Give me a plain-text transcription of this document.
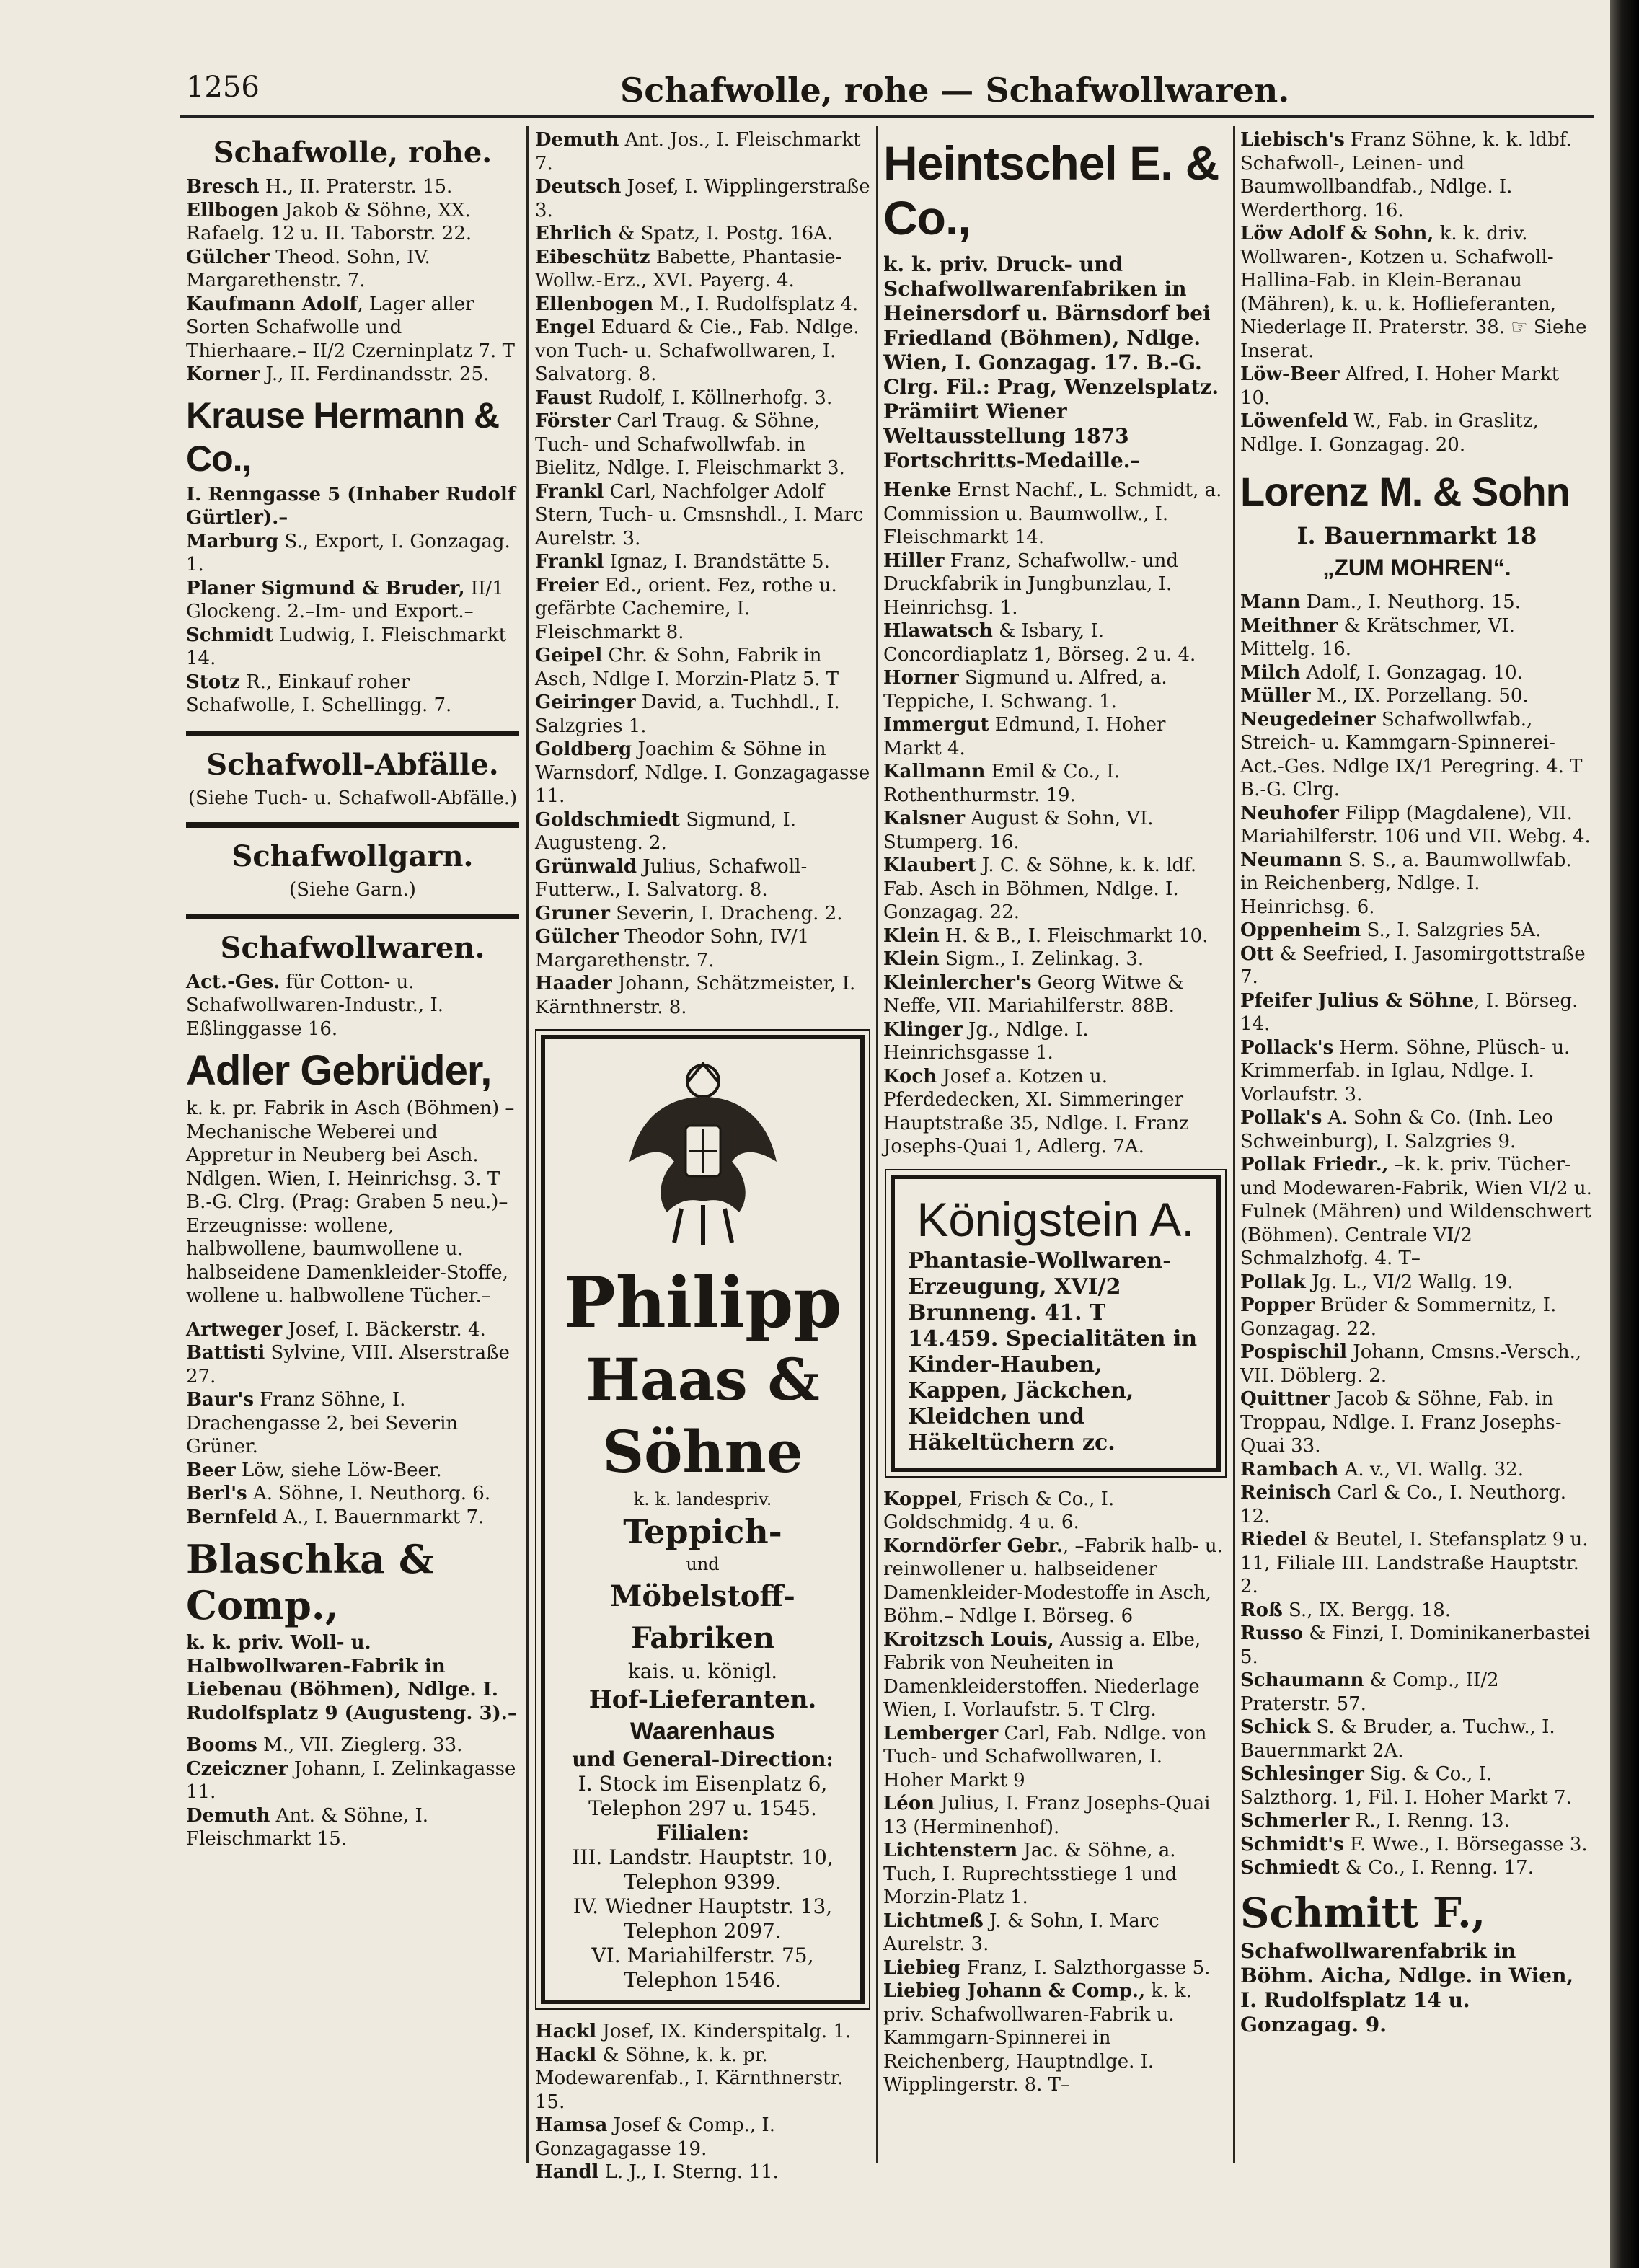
1256	Schafwolle, rohe — Schafwollwaren.
Schafwolle, rohe.

Bresch H., II. Praterstr. 15.

Ellbogen Jakob & Söhne, XX. Rafaelg. 12 u. II. Taborstr. 22.

Gülcher Theod. Sohn, IV. Margarethenstr. 7.

Kaufmann Adolf, Lager aller Sorten Schafwolle und Thierhaare.– II/2 Czerninplatz 7. T

Korner J., II. Ferdinandsstr. 25.

Krause Hermann & Co.,

I. Renngasse 5 (Inhaber Rudolf Gürtler).–

Marburg S., Export, I. Gonzagag. 1.

Planer Sigmund & Bruder, II/1 Glockeng. 2.–Im- und Export.–

Schmidt Ludwig, I. Fleischmarkt 14.

Stotz R., Einkauf roher Schafwolle, I. Schellingg. 7.

Schafwoll-Abfälle.
(Siehe Tuch- u. Schafwoll-Abfälle.)
Schafwollgarn.
(Siehe Garn.)
Schafwollwaren.

Act.-Ges. für Cotton- u. Schafwollwaren-Industr., I. Eßlinggasse 16.

Adler Gebrüder,

k. k. pr. Fabrik in Asch (Böhmen) –Mechanische Weberei und Appretur in Neuberg bei Asch. Ndlgen. Wien, I. Heinrichsg. 3. T B.-G. Clrg. (Prag: Graben 5 neu.)–Erzeugnisse: wollene, halbwollene, baumwollene u. halbseidene Damenkleider-Stoffe, wollene u. halbwollene Tücher.–

Artweger Josef, I. Bäckerstr. 4.

Battisti Sylvine, VIII. Alserstraße 27.

Baur's Franz Söhne, I. Drachengasse 2, bei Severin Grüner.

Beer Löw, siehe Löw-Beer.

Berl's A. Söhne, I. Neuthorg. 6.

Bernfeld A., I. Bauernmarkt 7.

Blaschka & Comp.,

k. k. priv. Woll- u. Halbwollwaren-Fabrik in Liebenau (Böhmen), Ndlge. I. Rudolfsplatz 9 (Augusteng. 3).–

Booms M., VII. Zieglerg. 33.

Czeiczner Johann, I. Zelinkagasse 11.

Demuth Ant. & Söhne, I. Fleischmarkt 15.

Demuth Ant. Jos., I. Fleischmarkt 7.

Deutsch Josef, I. Wipplingerstraße 3.

Ehrlich & Spatz, I. Postg. 16A.

Eibeschütz Babette, Phantasie-Wollw.-Erz., XVI. Payerg. 4.

Ellenbogen M., I. Rudolfsplatz 4.

Engel Eduard & Cie., Fab. Ndlge. von Tuch- u. Schafwollwaren, I. Salvatorg. 8.

Faust Rudolf, I. Köllnerhofg. 3.

Förster Carl Traug. & Söhne, Tuch- und Schafwollwfab. in Bielitz, Ndlge. I. Fleischmarkt 3.

Frankl Carl, Nachfolger Adolf Stern, Tuch- u. Cmsnshdl., I. Marc Aurelstr. 3.

Frankl Ignaz, I. Brandstätte 5.

Freier Ed., orient. Fez, rothe u. gefärbte Cachemire, I. Fleischmarkt 8.

Geipel Chr. & Sohn, Fabrik in Asch, Ndlge I. Morzin-Platz 5. T

Geiringer David, a. Tuchhdl., I. Salzgries 1.

Goldberg Joachim & Söhne in Warnsdorf, Ndlge. I. Gonzagagasse 11.

Goldschmiedt Sigmund, I. Augusteng. 2.

Grünwald Julius, Schafwoll-Futterw., I. Salvatorg. 8.

Gruner Severin, I. Dracheng. 2.

Gülcher Theodor Sohn, IV/1 Margarethenstr. 7.

Haader Johann, Schätzmeister, I. Kärnthnerstr. 8.

Philipp
Haas & Söhne
k. k. landespriv.
Teppich-
und
Möbelstoff-Fabriken
kais. u. königl.
Hof-Lieferanten.
Waarenhaus
und General-Direction:
I. Stock im Eisenplatz 6,
Telephon 297 u. 1545.
Filialen:
III. Landstr. Hauptstr. 10,
Telephon 9399.
IV. Wiedner Hauptstr. 13,
Telephon 2097.
VI. Mariahilferstr. 75,
Telephon 1546.

Hackl Josef, IX. Kinderspitalg. 1.

Hackl & Söhne, k. k. pr. Modewarenfab., I. Kärnthnerstr. 15.

Hamsa Josef & Comp., I. Gonzagagasse 19.

Handl L. J., I. Sterng. 11.

Heintschel E. & Co.,

k. k. priv. Druck- und Schafwollwarenfabriken in Heinersdorf u. Bärnsdorf bei Friedland (Böhmen), Ndlge. Wien, I. Gonzagag. 17. B.-G. Clrg. Fil.: Prag, Wenzelsplatz. Prämiirt Wiener Weltausstellung 1873 Fortschritts-Medaille.–

Henke Ernst Nachf., L. Schmidt, a. Commission u. Baumwollw., I. Fleischmarkt 14.

Hiller Franz, Schafwollw.- und Druckfabrik in Jungbunzlau, I. Heinrichsg. 1.

Hlawatsch & Isbary, I. Concordiaplatz 1, Börseg. 2 u. 4.

Horner Sigmund u. Alfred, a. Teppiche, I. Schwang. 1.

Immergut Edmund, I. Hoher Markt 4.

Kallmann Emil & Co., I. Rothenthurmstr. 19.

Kalsner August & Sohn, VI. Stumperg. 16.

Klaubert J. C. & Söhne, k. k. ldf. Fab. Asch in Böhmen, Ndlge. I. Gonzagag. 22.

Klein H. & B., I. Fleischmarkt 10.

Klein Sigm., I. Zelinkag. 3.

Kleinlercher's Georg Witwe & Neffe, VII. Mariahilferstr. 88B.

Klinger Jg., Ndlge. I. Heinrichsgasse 1.

Koch Josef a. Kotzen u. Pferdedecken, XI. Simmeringer Hauptstraße 35, Ndlge. I. Franz Josephs-Quai 1, Adlerg. 7A.

Königstein A.
Phantasie-Wollwaren-Erzeugung, XVI/2 Brunneng. 41. T 14.459. Specialitäten in Kinder-Hauben, Kappen, Jäckchen, Kleidchen und Häkeltüchern zc.

Koppel, Frisch & Co., I. Goldschmidg. 4 u. 6.

Korndörfer Gebr., –Fabrik halb- u. reinwollener u. halbseidener Damenkleider-Modestoffe in Asch, Böhm.– Ndlge I. Börseg. 6

Kroitzsch Louis, Aussig a. Elbe, Fabrik von Neuheiten in Damenkleiderstoffen. Niederlage Wien, I. Vorlaufstr. 5. T Clrg.

Lemberger Carl, Fab. Ndlge. von Tuch- und Schafwollwaren, I. Hoher Markt 9

Léon Julius, I. Franz Josephs-Quai 13 (Herminenhof).

Lichtenstern Jac. & Söhne, a. Tuch, I. Ruprechtsstiege 1 und Morzin-Platz 1.

Lichtmeß J. & Sohn, I. Marc Aurelstr. 3.

Liebieg Franz, I. Salzthorgasse 5.

Liebieg Johann & Comp., k. k. priv. Schafwollwaren-Fabrik u. Kammgarn-Spinnerei in Reichenberg, Hauptndlge. I. Wipplingerstr. 8. T–

Liebisch's Franz Söhne, k. k. ldbf. Schafwoll-, Leinen- und Baumwollbandfab., Ndlge. I. Werderthorg. 16.

Löw Adolf & Sohn, k. k. driv. Wollwaren-, Kotzen u. Schafwoll-Hallina-Fab. in Klein-Beranau (Mähren), k. u. k. Hoflieferanten, Niederlage II. Praterstr. 38. ☞ Siehe Inserat.

Löw-Beer Alfred, I. Hoher Markt 10.

Löwenfeld W., Fab. in Graslitz, Ndlge. I. Gonzagag. 20.

Lorenz M. & Sohn
I. Bauernmarkt 18
„ZUM MOHREN“.

Mann Dam., I. Neuthorg. 15.

Meithner & Krätschmer, VI. Mittelg. 16.

Milch Adolf, I. Gonzagag. 10.

Müller M., IX. Porzellang. 50.

Neugedeiner Schafwollwfab., Streich- u. Kammgarn-Spinnerei-Act.-Ges. Ndlge IX/1 Peregring. 4. T B.-G. Clrg.

Neuhofer Filipp (Magdalene), VII. Mariahilferstr. 106 und VII. Webg. 4.

Neumann S. S., a. Baumwollwfab. in Reichenberg, Ndlge. I. Heinrichsg. 6.

Oppenheim S., I. Salzgries 5A.

Ott & Seefried, I. Jasomirgottstraße 7.

Pfeifer Julius & Söhne, I. Börseg. 14.

Pollack's Herm. Söhne, Plüsch- u. Krimmerfab. in Iglau, Ndlge. I. Vorlaufstr. 3.

Pollak's A. Sohn & Co. (Inh. Leo Schweinburg), I. Salzgries 9.

Pollak Friedr., –k. k. priv. Tücher- und Modewaren-Fabrik, Wien VI/2 u. Fulnek (Mähren) und Wildenschwert (Böhmen). Centrale VI/2 Schmalzhofg. 4. T–

Pollak Jg. L., VI/2 Wallg. 19.

Popper Brüder & Sommernitz, I. Gonzagag. 22.

Pospischil Johann, Cmsns.-Versch., VII. Döblerg. 2.

Quittner Jacob & Söhne, Fab. in Troppau, Ndlge. I. Franz Josephs-Quai 33.

Rambach A. v., VI. Wallg. 32.

Reinisch Carl & Co., I. Neuthorg. 12.

Riedel & Beutel, I. Stefansplatz 9 u. 11, Filiale III. Landstraße Hauptstr. 2.

Roß S., IX. Bergg. 18.

Russo & Finzi, I. Dominikanerbastei 5.

Schaumann & Comp., II/2 Praterstr. 57.

Schick S. & Bruder, a. Tuchw., I. Bauernmarkt 2A.

Schlesinger Sig. & Co., I. Salzthorg. 1, Fil. I. Hoher Markt 7.

Schmerler R., I. Renng. 13.

Schmidt's F. Wwe., I. Börsegasse 3.

Schmiedt & Co., I. Renng. 17.

Schmitt F.,

Schafwollwarenfabrik in Böhm. Aicha, Ndlge. in Wien, I. Rudolfsplatz 14 u. Gonzagag. 9.
